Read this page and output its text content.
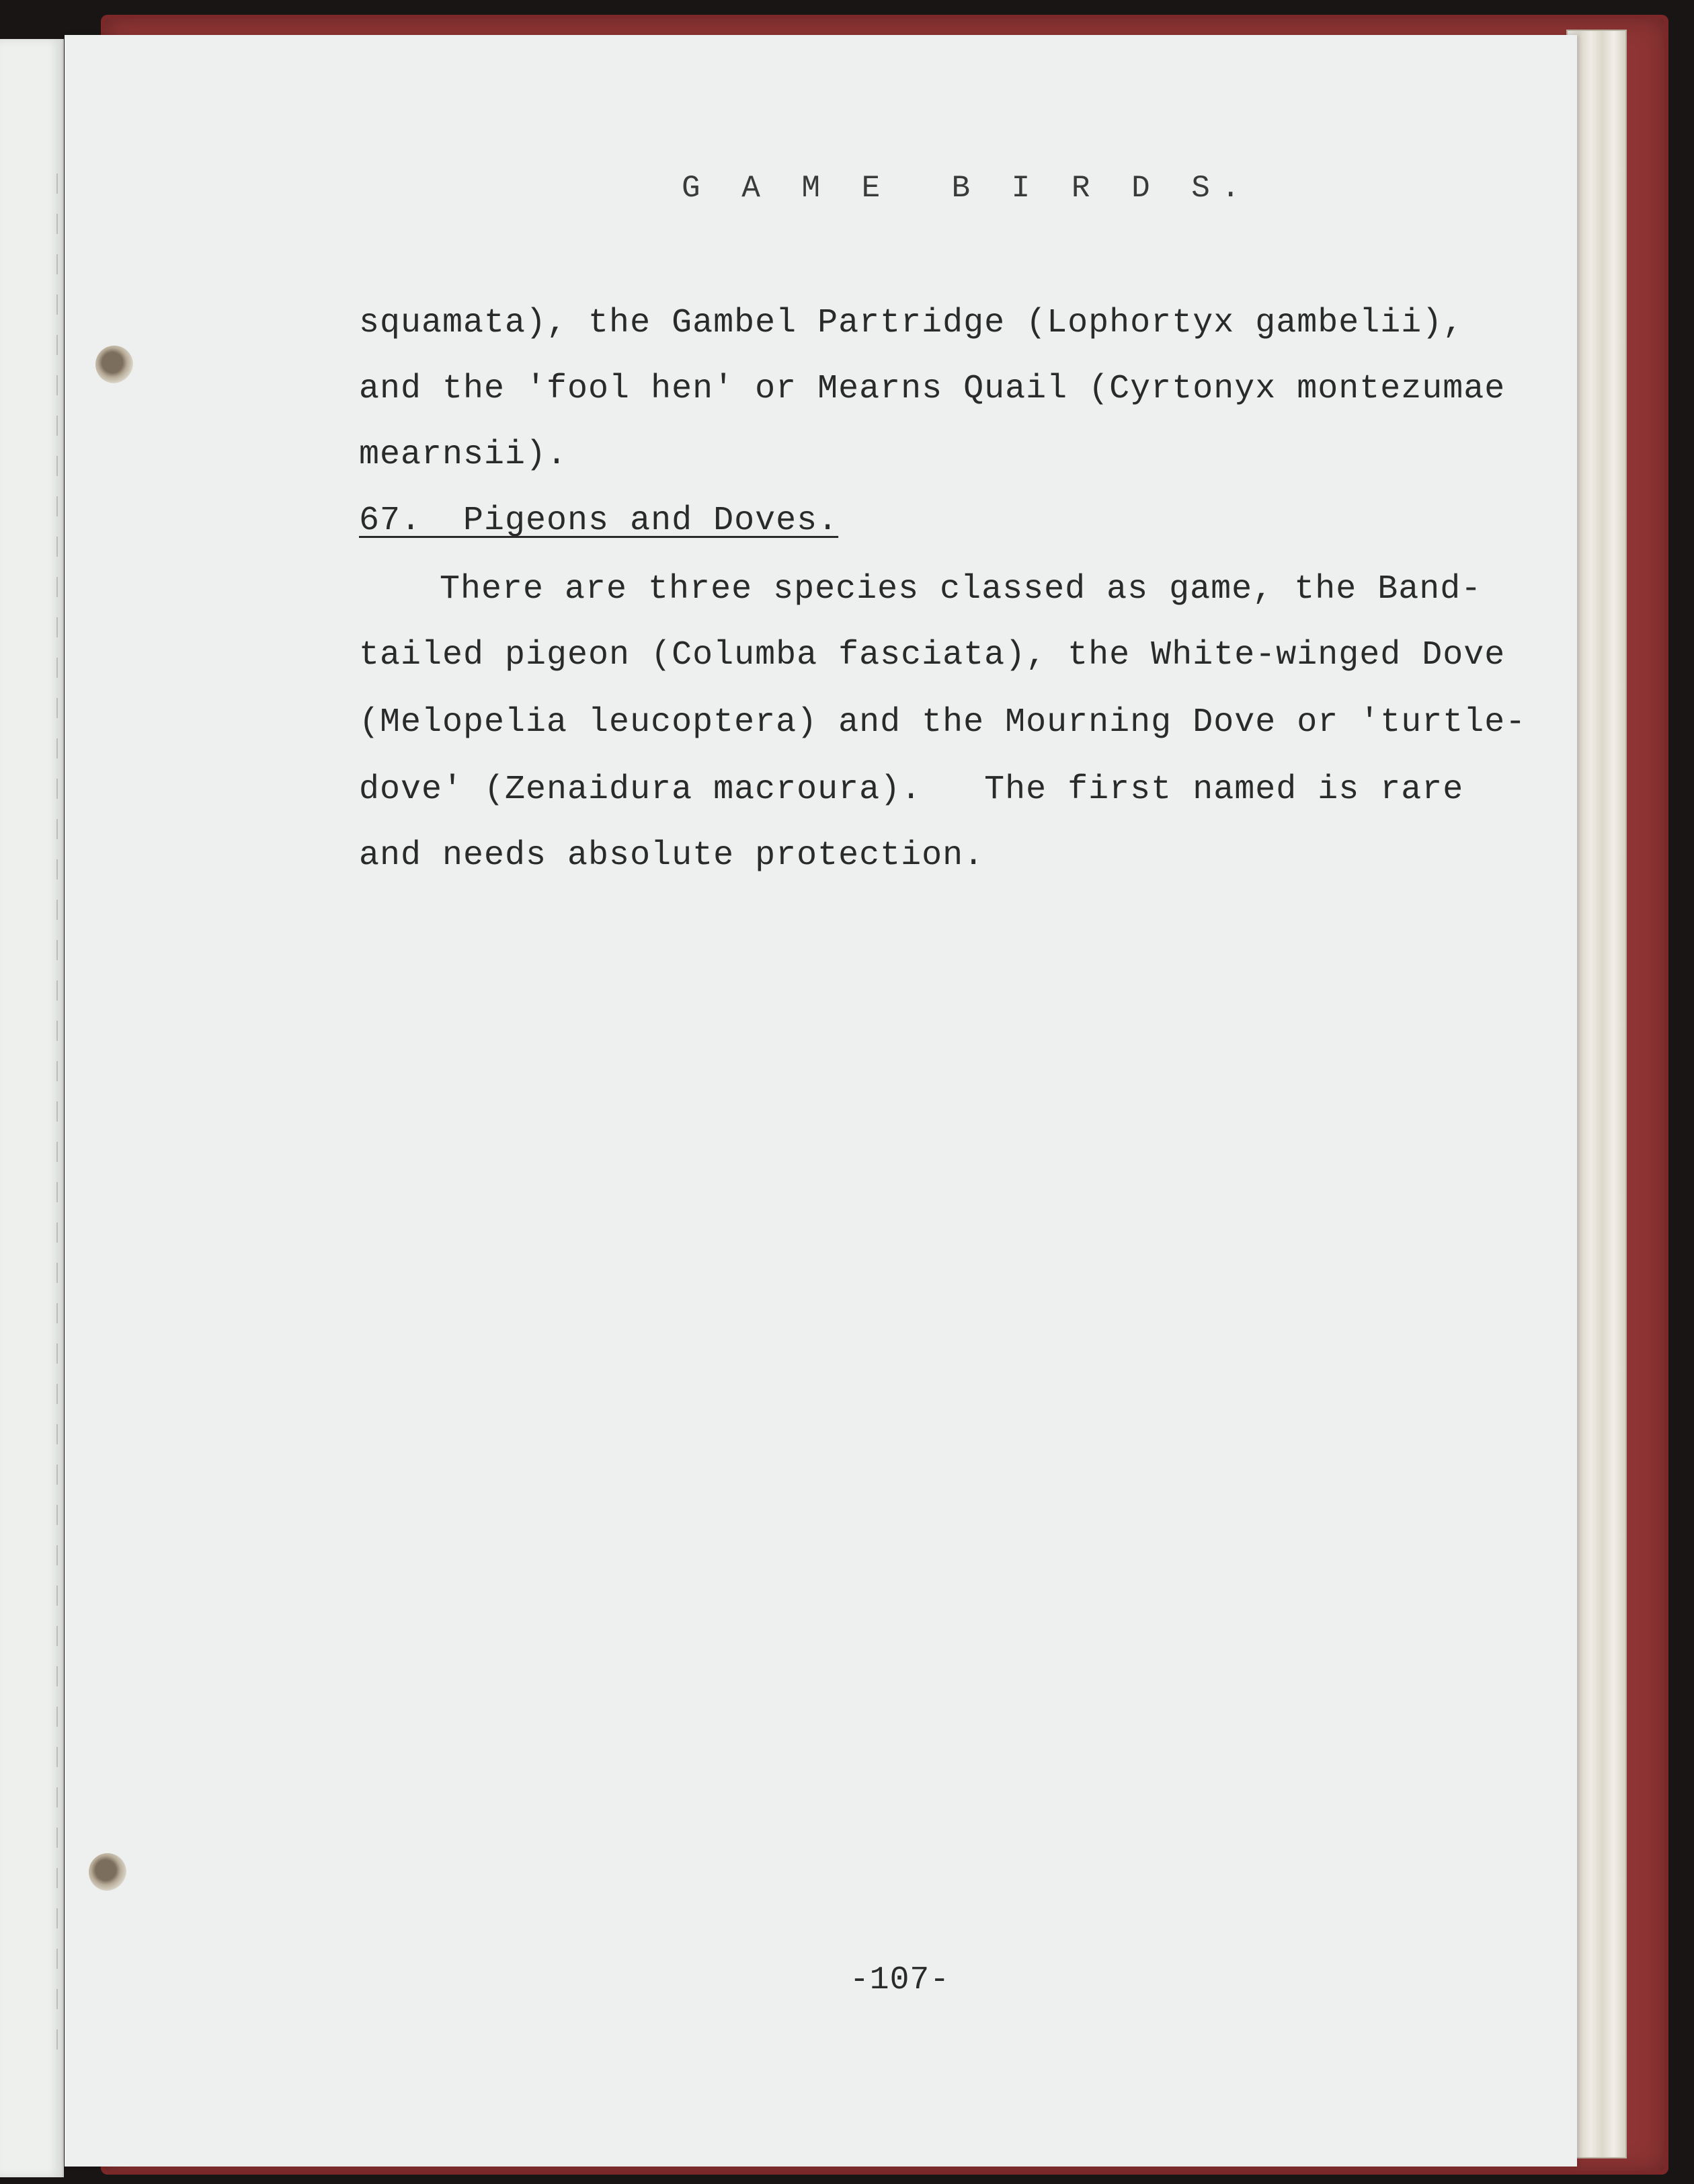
G A M E  B I R D S.
squamata), the Gambel Partridge (Lophortyx gambelii),
and the 'fool hen' or Mearns Quail (Cyrtonyx montezumae
mearnsii).
67.  Pigeons and Doves.
There are three species classed as game, the Band-
tailed pigeon (Columba fasciata), the White-winged Dove
(Melopelia leucoptera) and the Mourning Dove or 'turtle-
dove' (Zenaidura macroura).   The first named is rare
and needs absolute protection.
-107-
